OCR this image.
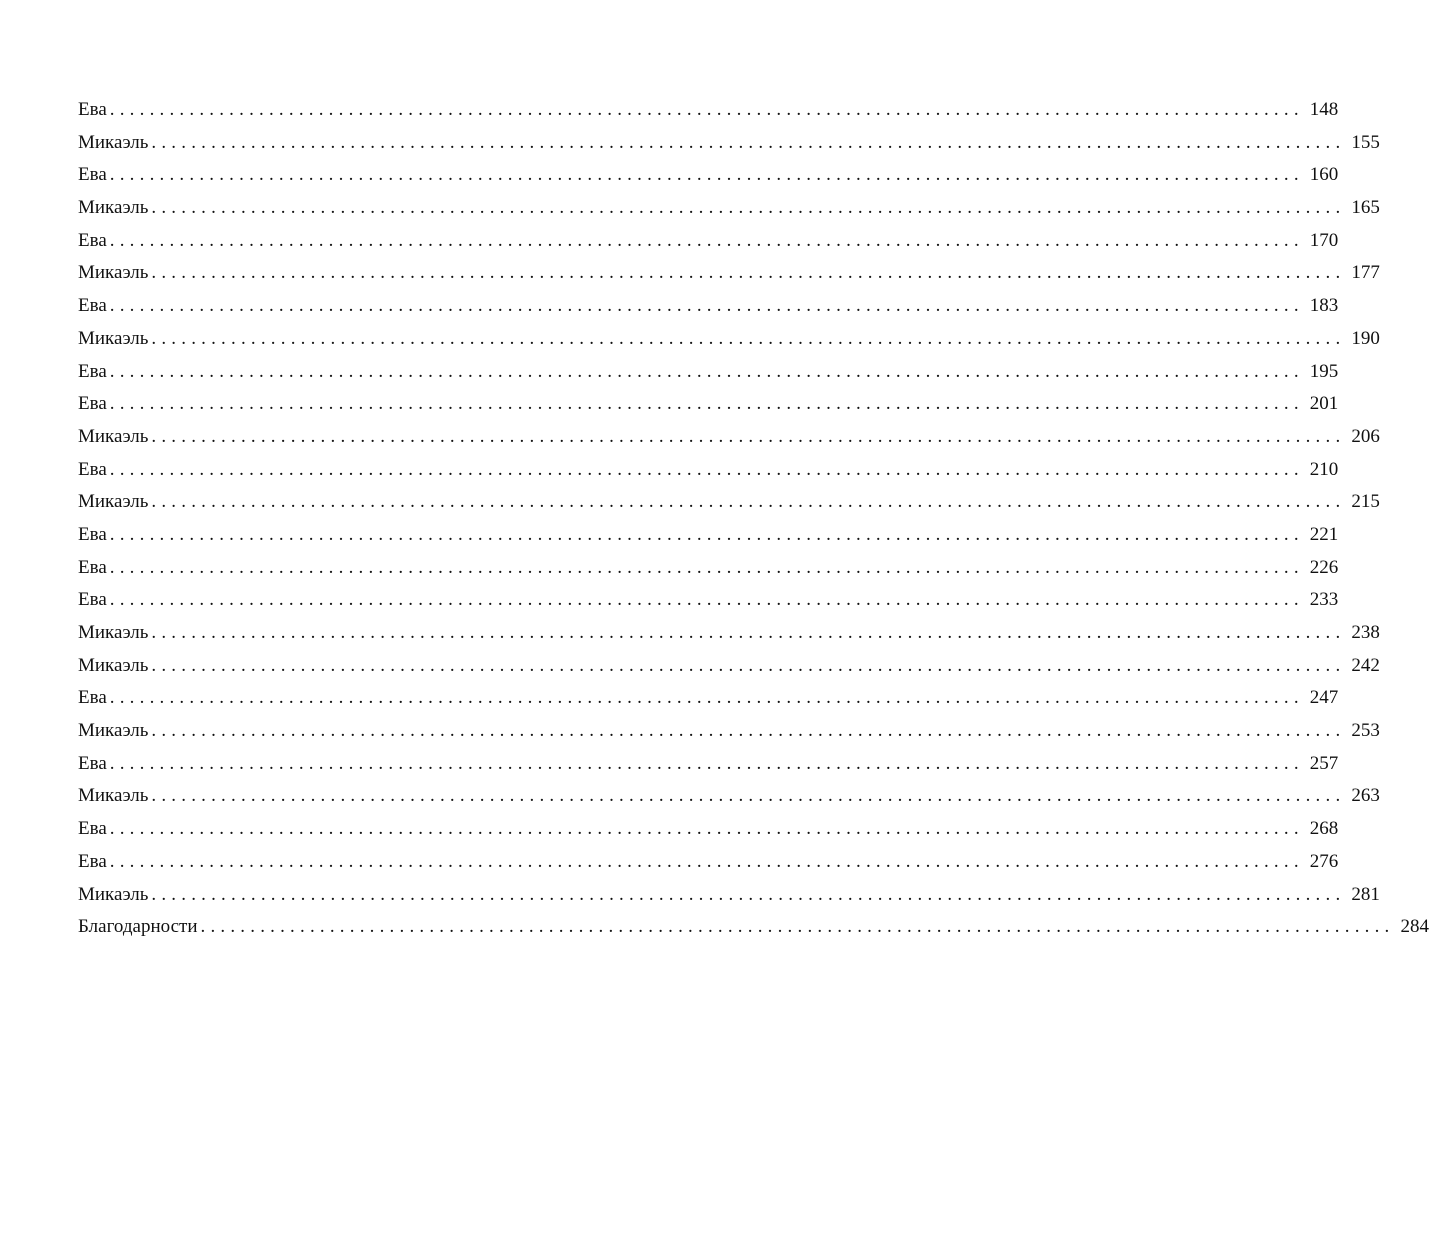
Ева ........................................................................................................................ 148
Микаэль ........................................................................................................................ 155
Ева ........................................................................................................................ 160
Микаэль ........................................................................................................................ 165
Ева ........................................................................................................................ 170
Микаэль ........................................................................................................................ 177
Ева ........................................................................................................................ 183
Микаэль ........................................................................................................................ 190
Ева ........................................................................................................................ 195
Ева ........................................................................................................................ 201
Микаэль ........................................................................................................................ 206
Ева ........................................................................................................................ 210
Микаэль ........................................................................................................................ 215
Ева ........................................................................................................................ 221
Ева ........................................................................................................................ 226
Ева ........................................................................................................................ 233
Микаэль ........................................................................................................................ 238
Микаэль ........................................................................................................................ 242
Ева ........................................................................................................................ 247
Микаэль ........................................................................................................................ 253
Ева ........................................................................................................................ 257
Микаэль ........................................................................................................................ 263
Ева ........................................................................................................................ 268
Ева ........................................................................................................................ 276
Микаэль ........................................................................................................................ 281
Благодарности ........................................................................................................................ 284
